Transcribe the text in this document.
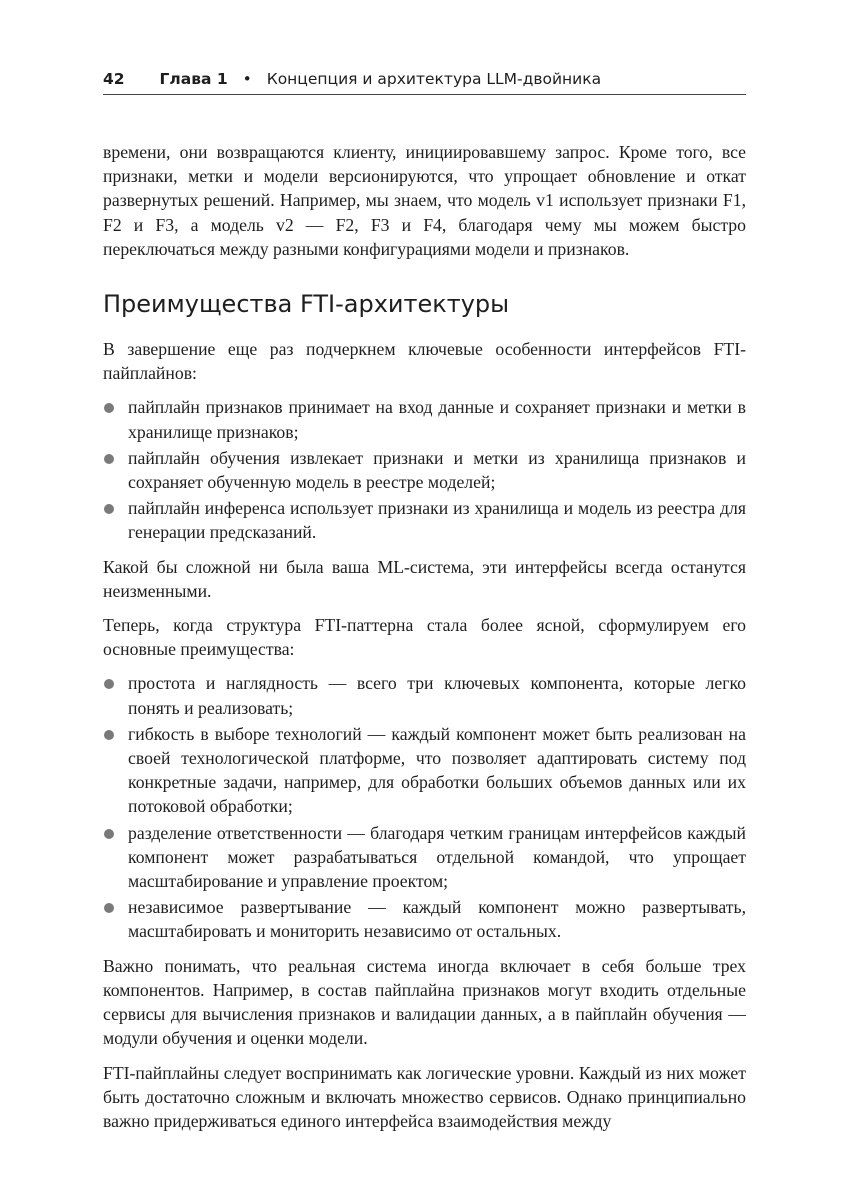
42 Глава 1 • Концепция и архитектура LLM-двойника

времени, они возвращаются клиенту, инициировавшему запрос. Кроме того, все признаки, метки и модели версионируются, что упрощает обновление и откат развернутых решений. Например, мы знаем, что модель v1 использует признаки F1, F2 и F3, а модель v2 — F2, F3 и F4, благодаря чему мы можем быстро переключаться между разными конфигурациями модели и признаков.

Преимущества FTI-архитектуры

В завершение еще раз подчеркнем ключевые особенности интерфейсов FTI-пайплайнов:

пайплайн признаков принимает на вход данные и сохраняет признаки и метки в хранилище признаков;
пайплайн обучения извлекает признаки и метки из хранилища признаков и сохраняет обученную модель в реестре моделей;
пайплайн инференса использует признаки из хранилища и модель из реестра для генерации предсказаний.

Какой бы сложной ни была ваша ML-система, эти интерфейсы всегда останутся неизменными.

Теперь, когда структура FTI-паттерна стала более ясной, сформулируем его основные преимущества:

простота и наглядность — всего три ключевых компонента, которые легко понять и реализовать;
гибкость в выборе технологий — каждый компонент может быть реализован на своей технологической платформе, что позволяет адаптировать систему под конкретные задачи, например, для обработки больших объемов данных или их потоковой обработки;
разделение ответственности — благодаря четким границам интерфейсов каждый компонент может разрабатываться отдельной командой, что упрощает масштабирование и управление проектом;
независимое развертывание — каждый компонент можно развертывать, масштабировать и мониторить независимо от остальных.

Важно понимать, что реальная система иногда включает в себя больше трех компонентов. Например, в состав пайплайна признаков могут входить отдельные сервисы для вычисления признаков и валидации данных, а в пайплайн обучения — модули обучения и оценки модели.

FTI-пайплайны следует воспринимать как логические уровни. Каждый из них может быть достаточно сложным и включать множество сервисов. Однако принципиально важно придерживаться единого интерфейса взаимодействия между
